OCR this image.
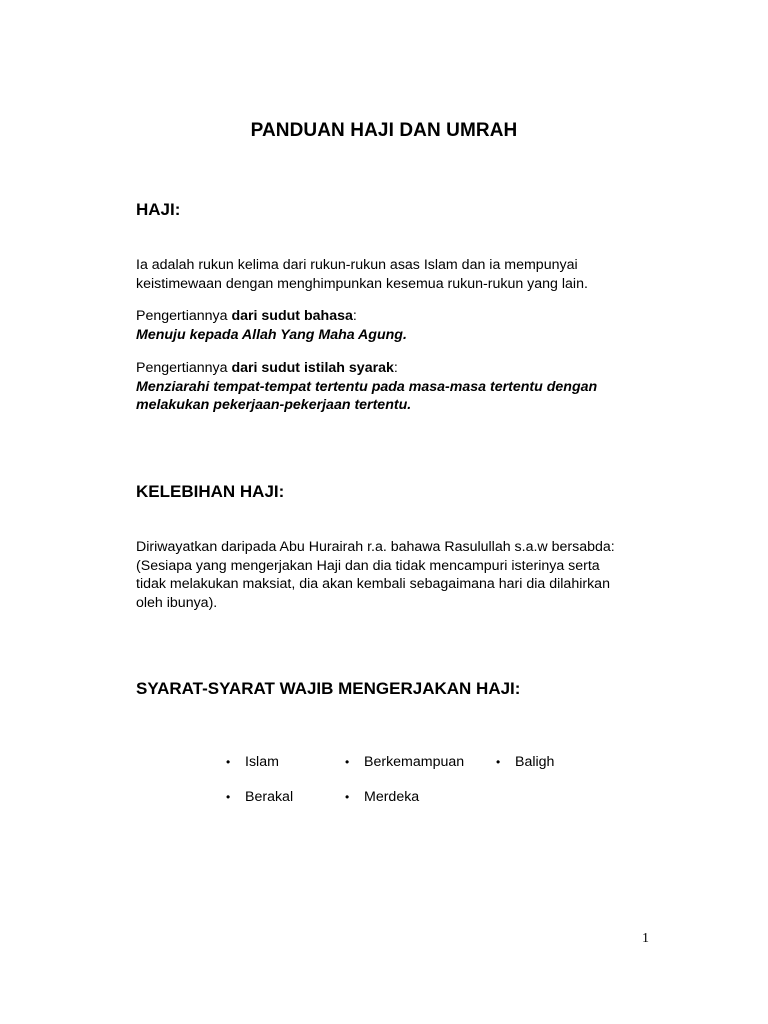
PANDUAN HAJI DAN UMRAH
HAJI:
Ia adalah rukun kelima dari rukun-rukun asas Islam dan ia mempunyai
keistimewaan dengan menghimpunkan kesemua rukun-rukun yang lain.
Pengertiannya dari sudut bahasa:
Menuju kepada Allah Yang Maha Agung.
Pengertiannya dari sudut istilah syarak:
Menziarahi tempat-tempat tertentu pada masa-masa tertentu dengan
melakukan pekerjaan-pekerjaan tertentu.
KELEBIHAN HAJI:
Diriwayatkan daripada Abu Hurairah r.a. bahawa Rasulullah s.a.w bersabda:
(Sesiapa yang mengerjakan Haji dan dia tidak mencampuri isterinya serta
tidak melakukan maksiat, dia akan kembali sebagaimana hari dia dilahirkan
oleh ibunya).
SYARAT-SYARAT WAJIB MENGERJAKAN HAJI:
• Islam	• Berkemampuan	• Baligh
• Berakal	• Merdeka
1
